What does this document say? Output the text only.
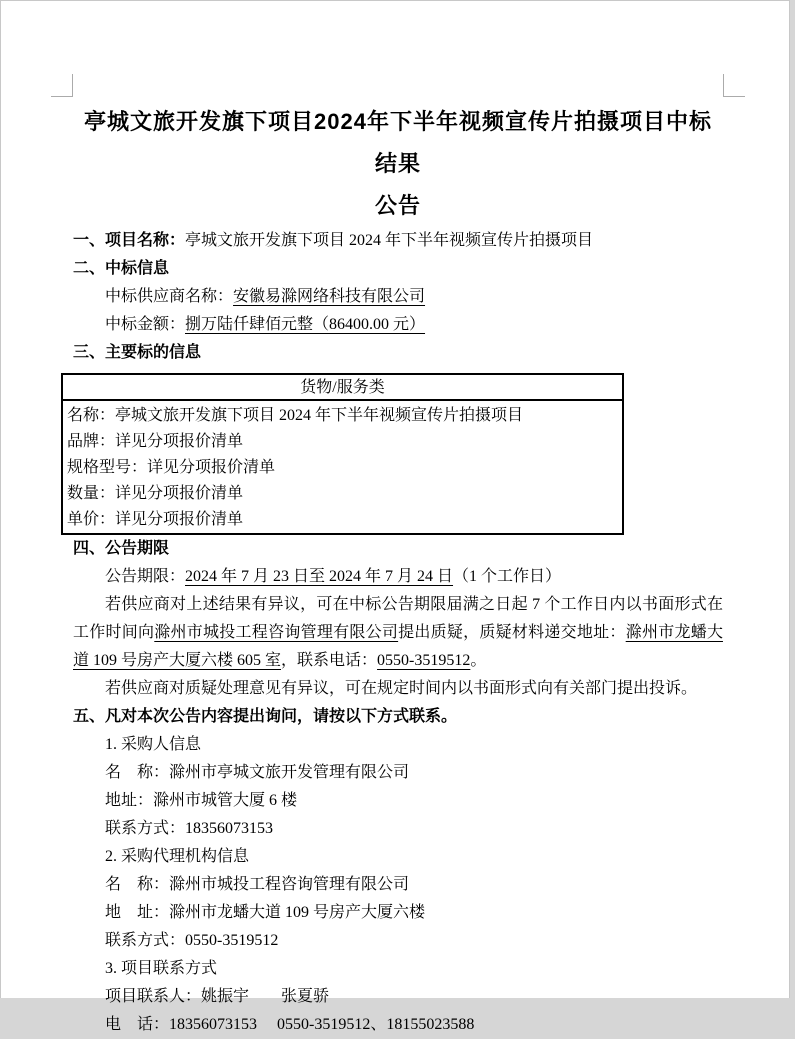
亭城文旅开发旗下项目2024年下半年视频宣传片拍摄项目中标结果
公告
一、项目名称：亭城文旅开发旗下项目 2024 年下半年视频宣传片拍摄项目
二、中标信息
中标供应商名称：安徽易滁网络科技有限公司
中标金额：捌万陆仟肆佰元整（86400.00 元）
三、主要标的信息
货物/服务类
名称：亭城文旅开发旗下项目 2024 年下半年视频宣传片拍摄项目
品牌：详见分项报价清单
规格型号：详见分项报价清单
数量：详见分项报价清单
单价：详见分项报价清单
四、公告期限
公告期限：2024 年 7 月 23 日至 2024 年 7 月 24 日（1 个工作日）
若供应商对上述结果有异议，可在中标公告期限届满之日起 7 个工作日内以书面形式在工作时间向滁州市城投工程咨询管理有限公司提出质疑，质疑材料递交地址：滁州市龙蟠大道 109 号房产大厦六楼 605 室，联系电话：0550-3519512。
若供应商对质疑处理意见有异议，可在规定时间内以书面形式向有关部门提出投诉。
五、凡对本次公告内容提出询问，请按以下方式联系。
1. 采购人信息
名　称：滁州市亭城文旅开发管理有限公司
地址：滁州市城管大厦 6 楼
联系方式：18356073153
2. 采购代理机构信息
名　称：滁州市城投工程咨询管理有限公司
地　址：滁州市龙蟠大道 109 号房产大厦六楼
联系方式：0550-3519512
3. 项目联系方式
项目联系人：姚振宇　　张夏骄
电　话：18356073153　 0550-3519512、18155023588
